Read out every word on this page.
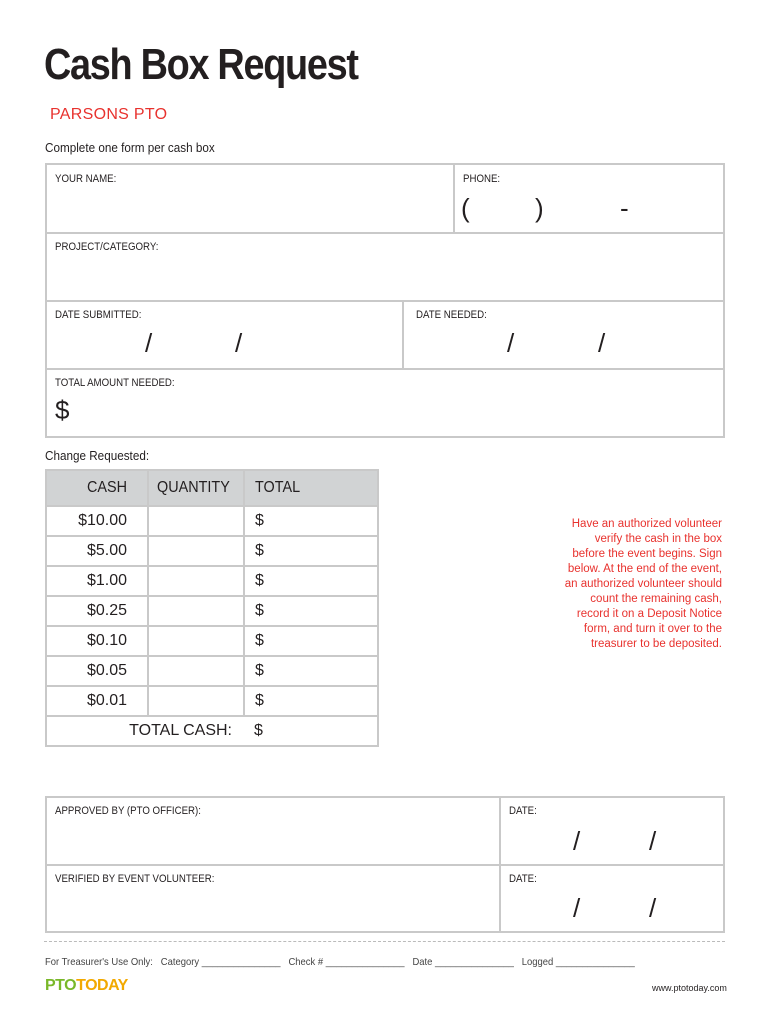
Cash Box Request
PARSONS PTO
Complete one form per cash box
YOUR NAME:	PHONE:
(	)	-
PROJECT/CATEGORY:
DATE SUBMITTED:
/	/
DATE NEEDED:
/	/
TOTAL AMOUNT NEEDED:
$
Change Requested:
CASH	QUANTITY	TOTAL
$10.00		$
$5.00		$
$1.00		$
$0.25		$
$0.10		$
$0.05		$
$0.01		$
TOTAL CASH:		$
Have an authorized volunteer verify the cash in the box before the event begins. Sign below. At the end of the event, an authorized volunteer should count the remaining cash, record it on a Deposit Notice form, and turn it over to the treasurer to be deposited.
APPROVED BY (PTO OFFICER):	DATE:
/	/
VERIFIED BY EVENT VOLUNTEER:	DATE:
/	/
For Treasurer's Use Only:   Category _______________   Check # _______________   Date _______________   Logged _______________
PTOTODAY	www.ptotoday.com
